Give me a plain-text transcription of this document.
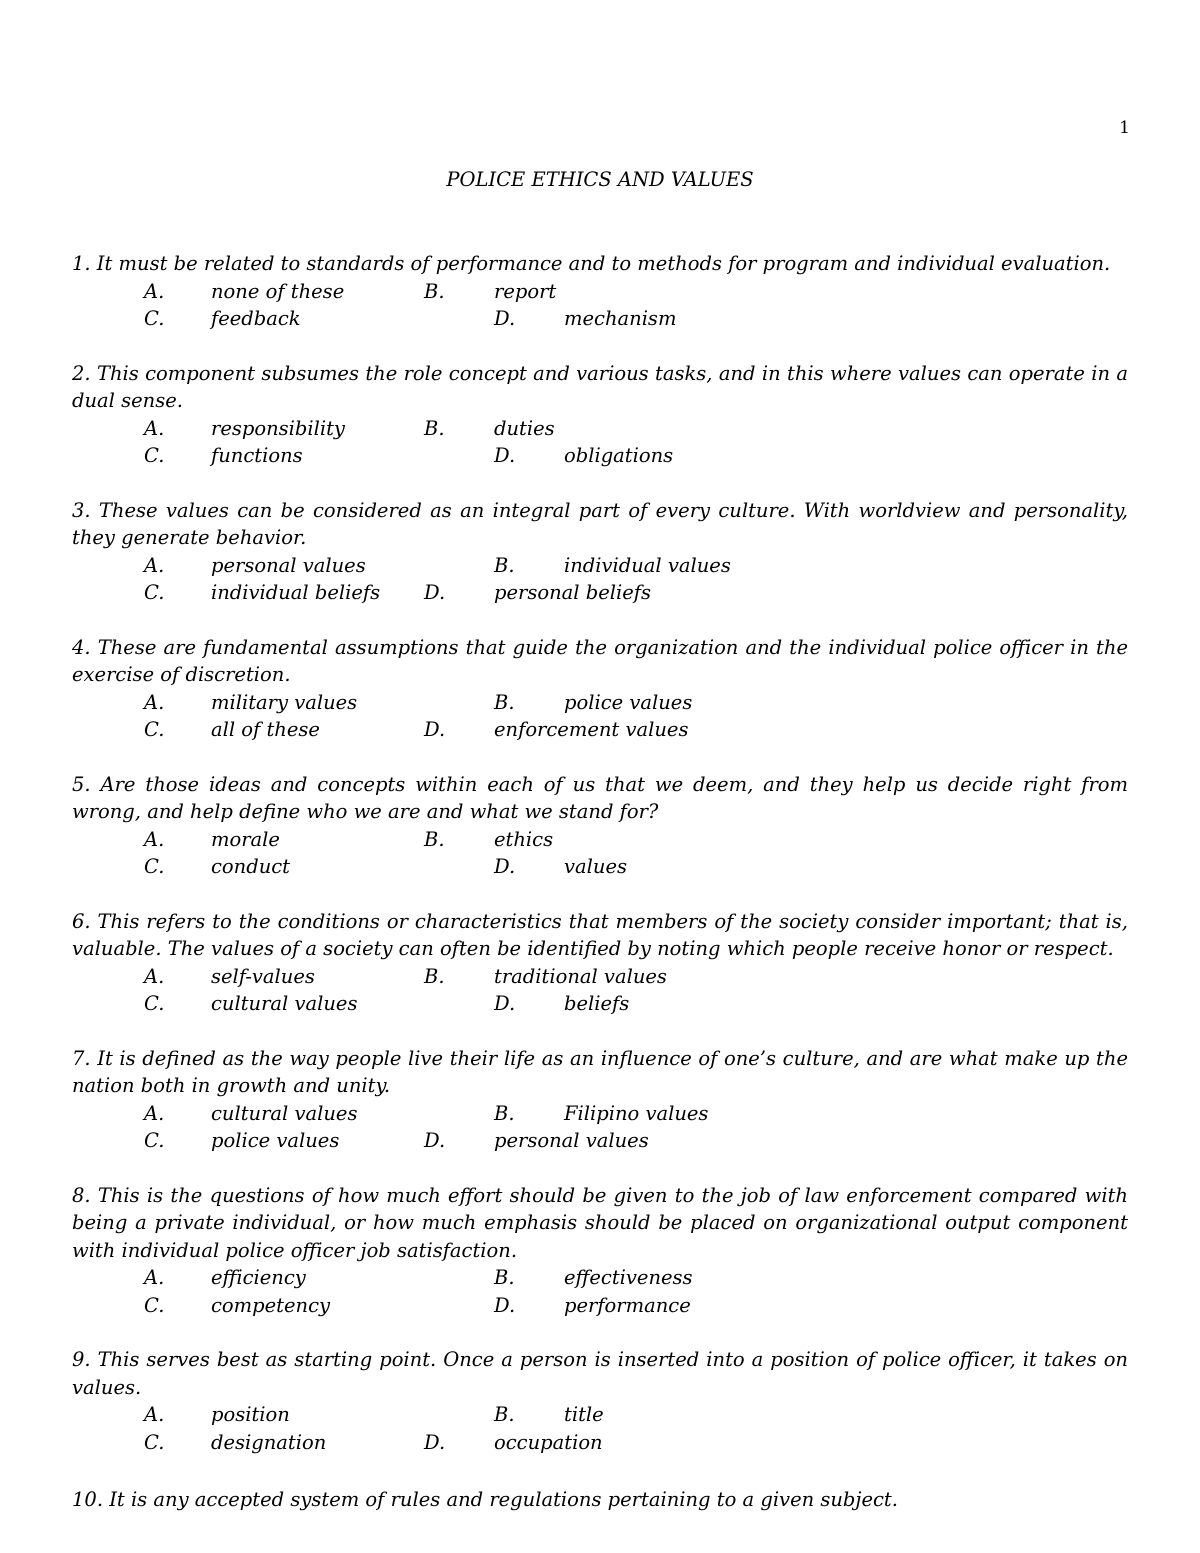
1
POLICE ETHICS AND VALUES
1. It must be related to standards of performance and to methods for program and individual evaluation.
A. none of these	B.	report
C. feedback	D.	mechanism
2. This component subsumes the role concept and various tasks, and in this where values can operate in a dual sense.
A. responsibility	B.	duties
C. functions	D.	obligations
3. These values can be considered as an integral part of every culture. With worldview and personality, they generate behavior.
A. personal values	B.	individual values
C. individual beliefs D.	personal beliefs
4. These are fundamental assumptions that guide the organization and the individual police officer in the exercise of discretion.
A. military values	B.	police values
C. all of these	D.	enforcement values
5. Are those ideas and concepts within each of us that we deem, and they help us decide right from wrong, and help define who we are and what we stand for?
A. morale	B.	ethics
C. conduct	D.	values
6. This refers to the conditions or characteristics that members of the society consider important; that is, valuable. The values of a society can often be identified by noting which people receive honor or respect.
A. self-values	B.	traditional values
C. cultural values	D.	beliefs
7. It is defined as the way people live their life as an influence of one’s culture, and are what make up the nation both in growth and unity.
A. cultural values	B.	Filipino values
C. police values	D.	personal values
8. This is the questions of how much effort should be given to the job of law enforcement compared with being a private individual, or how much emphasis should be placed on organizational output component with individual police officer job satisfaction.
A. efficiency	B.	effectiveness
C. competency	D.	performance
9. This serves best as starting point. Once a person is inserted into a position of police officer, it takes on values.
A. position	B.	title
C. designation	D.	occupation
10. It is any accepted system of rules and regulations pertaining to a given subject.
